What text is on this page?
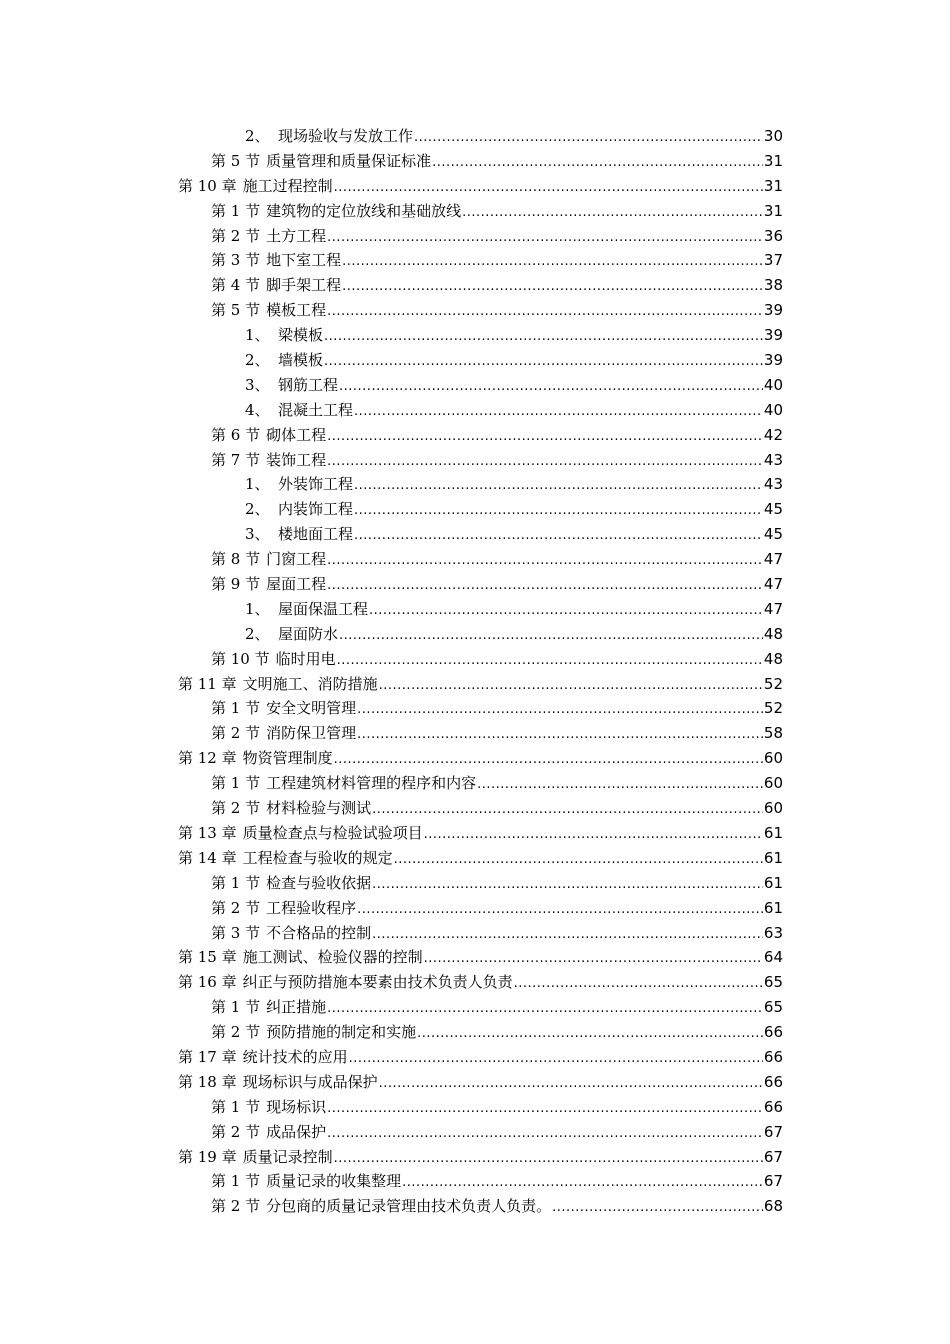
2、 现场验收与发放工作 .....	30
第 5 节 质量管理和质量保证标准 .....	31
第 10 章 施工过程控制 .....	31
第 1 节 建筑物的定位放线和基础放线 .....	31
第 2 节 土方工程 .....	36
第 3 节 地下室工程 .....	37
第 4 节 脚手架工程 .....	38
第 5 节 模板工程 .....	39
1、 梁模板 .....	39
2、 墙模板 .....	39
3、 钢筋工程 .....	40
4、 混凝土工程 .....	40
第 6 节 砌体工程 .....	42
第 7 节 装饰工程 .....	43
1、 外装饰工程 .....	43
2、 内装饰工程 .....	45
3、 楼地面工程 .....	45
第 8 节 门窗工程 .....	47
第 9 节 屋面工程 .....	47
1、 屋面保温工程 .....	47
2、 屋面防水 .....	48
第 10 节 临时用电 .....	48
第 11 章 文明施工、消防措施 .....	52
第 1 节 安全文明管理 .....	52
第 2 节 消防保卫管理 .....	58
第 12 章 物资管理制度 .....	60
第 1 节 工程建筑材料管理的程序和内容 .....	60
第 2 节 材料检验与测试 .....	60
第 13 章 质量检查点与检验试验项目 .....	61
第 14 章 工程检查与验收的规定 .....	61
第 1 节 检查与验收依据 .....	61
第 2 节 工程验收程序 .....	61
第 3 节 不合格品的控制 .....	63
第 15 章 施工测试、检验仪器的控制 .....	64
第 16 章 纠正与预防措施本要素由技术负责人负责 .....	65
第 1 节 纠正措施 .....	65
第 2 节 预防措施的制定和实施 .....	66
第 17 章 统计技术的应用 .....	66
第 18 章 现场标识与成品保护 .....	66
第 1 节 现场标识 .....	66
第 2 节 成品保护 .....	67
第 19 章 质量记录控制 .....	67
第 1 节 质量记录的收集整理 .....	67
第 2 节 分包商的质量记录管理由技术负责人负责。 .....	68
